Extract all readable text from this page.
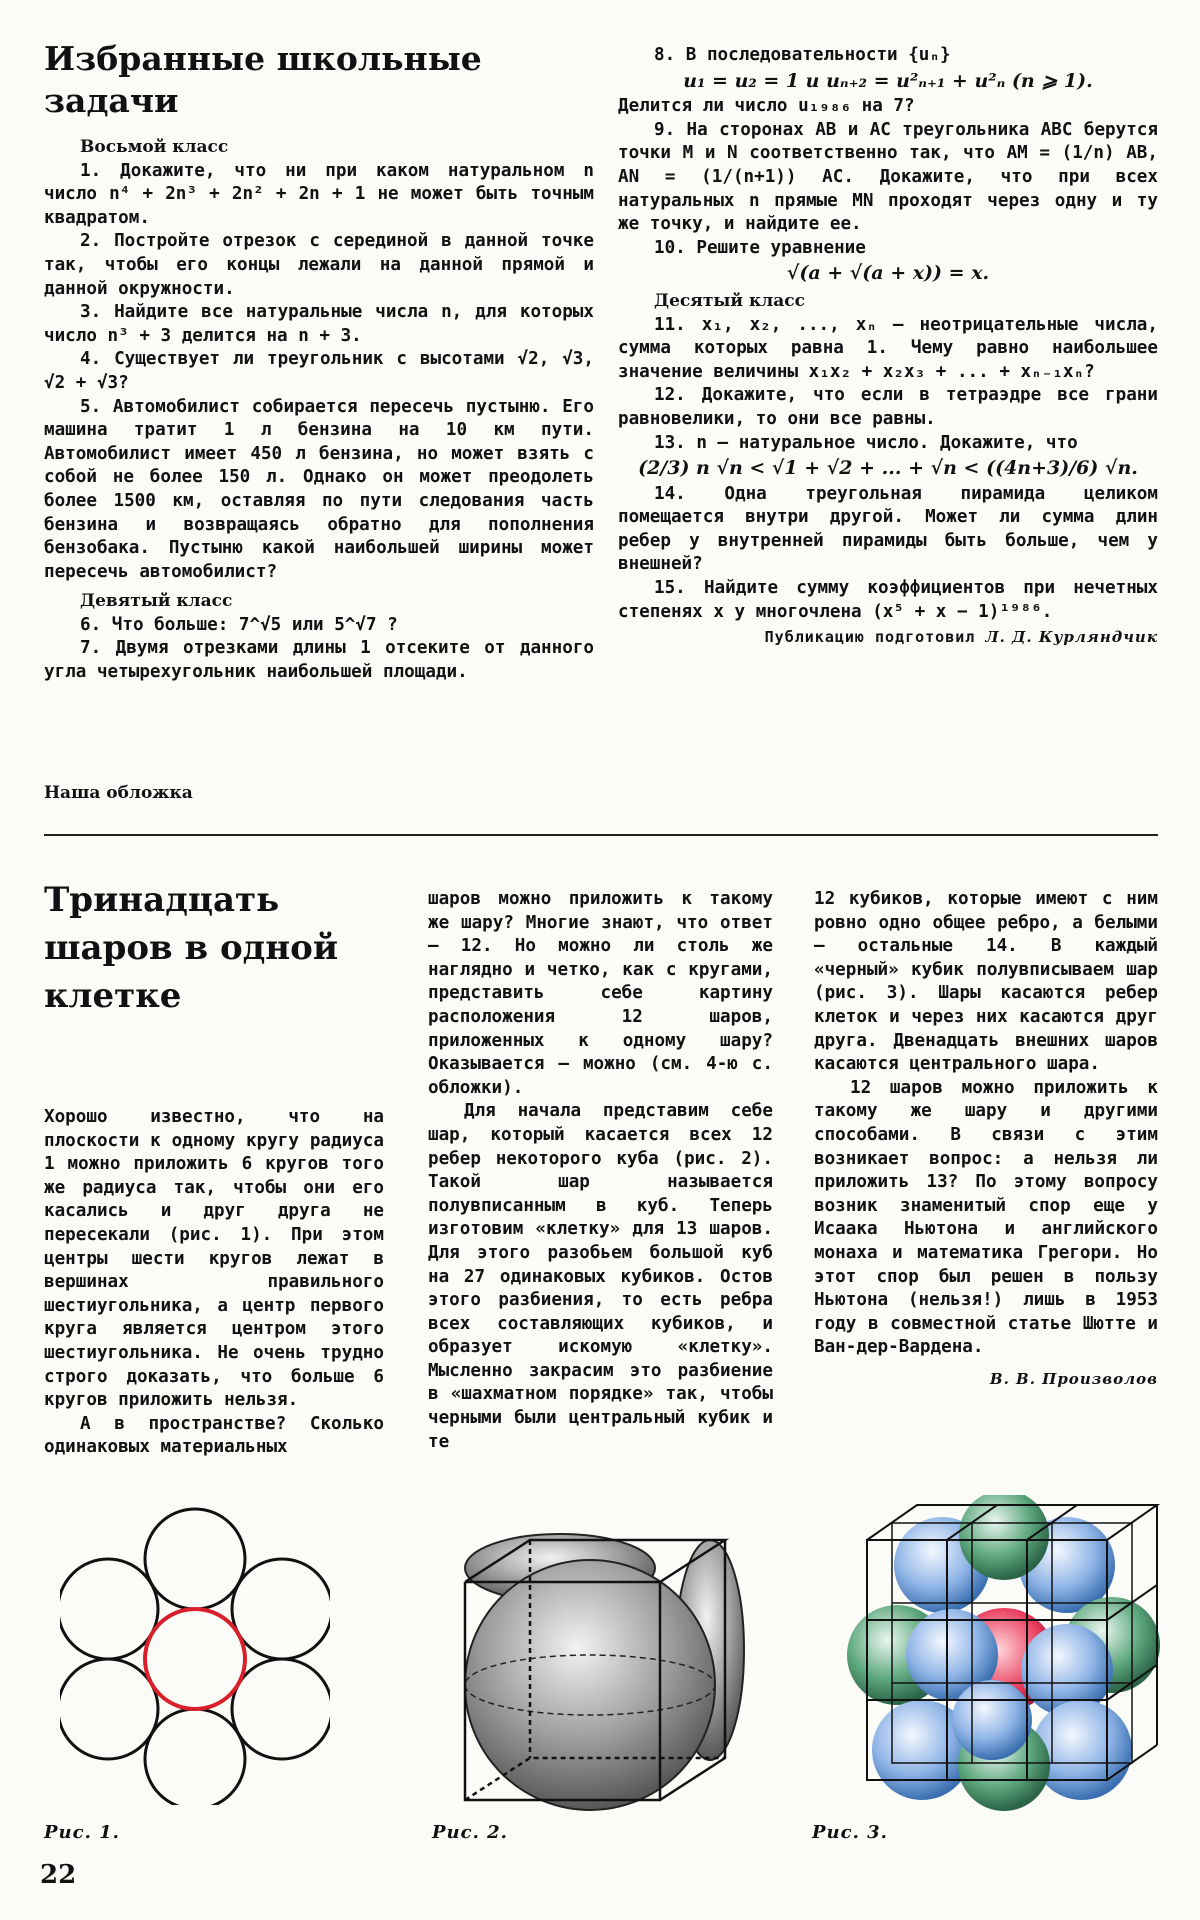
Избранные школьные задачи
Восьмой класс

1. Докажите, что ни при каком натуральном n число n⁴ + 2n³ + 2n² + 2n + 1 не может быть точным квадратом.

2. Постройте отрезок с серединой в данной точке так, чтобы его концы лежали на данной прямой и данной окружности.

3. Найдите все натуральные числа n, для которых число n³ + 3 делится на n + 3.

4. Существует ли треугольник с высотами √2, √3, √2 + √3?

5. Автомобилист собирается пересечь пустыню. Его машина тратит 1 л бензина на 10 км пути. Автомобилист имеет 450 л бензина, но может взять с собой не более 150 л. Однако он может преодолеть более 1500 км, оставляя по пути следования часть бензина и возвращаясь обратно для пополнения бензобака. Пустыню какой наибольшей ширины может пересечь автомобилист?

Девятый класс

6. Что больше: 7^√5 или 5^√7 ?

7. Двумя отрезками длины 1 отсеките от данного угла четырехугольник наибольшей площади.

8. В последовательности {uₙ}

u₁ = u₂ = 1 и uₙ₊₂ = u²ₙ₊₁ + u²ₙ (n ⩾ 1).

Делится ли число u₁₉₈₆ на 7?

9. На сторонах AB и AC треугольника ABC берутся точки M и N соответственно так, что AM = (1/n) AB, AN = (1/(n+1)) AC. Докажите, что при всех натуральных n прямые MN проходят через одну и ту же точку, и найдите ее.

10. Решите уравнение

√(a + √(a + x)) = x.
Десятый класс

11. x₁, x₂, ..., xₙ — неотрицательные числа, сумма которых равна 1. Чему равно наибольшее значение величины x₁x₂ + x₂x₃ + ... + xₙ₋₁xₙ?

12. Докажите, что если в тетраэдре все грани равновелики, то они все равны.

13. n — натуральное число. Докажите, что

(2/3) n √n < √1 + √2 + ... + √n < ((4n+3)/6) √n.

14. Одна треугольная пирамида целиком помещается внутри другой. Может ли сумма длин ребер у внутренней пирамиды быть больше, чем у внешней?

15. Найдите сумму коэффициентов при нечетных степенях x у многочлена (x⁵ + x − 1)¹⁹⁸⁶.

Публикацию подготовил Л. Д. Курляндчик
Наша обложка
Тринадцать шаров в одной клетке

Хорошо известно, что на плоскости к одному кругу радиуса 1 можно приложить 6 кругов того же радиуса так, чтобы они его касались и друг друга не пересекали (рис. 1). При этом центры шести кругов лежат в вершинах правильного шестиугольника, а центр первого круга является центром этого шестиугольника. Не очень трудно строго доказать, что больше 6 кругов приложить нельзя.

А в пространстве? Сколько одинаковых материальных

шаров можно приложить к такому же шару? Многие знают, что ответ — 12. Но можно ли столь же наглядно и четко, как с кругами, представить себе картину расположения 12 шаров, приложенных к одному шару? Оказывается — можно (см. 4-ю с. обложки).

Для начала представим себе шар, который касается всех 12 ребер некоторого куба (рис. 2). Такой шар называется полувписанным в куб. Теперь изготовим «клетку» для 13 шаров. Для этого разобьем большой куб на 27 одинаковых кубиков. Остов этого разбиения, то есть ребра всех составляющих кубиков, и образует искомую «клетку». Мысленно закрасим это разбиение в «шахматном порядке» так, чтобы черными были центральный кубик и те

12 кубиков, которые имеют с ним ровно одно общее ребро, а белыми — остальные 14. В каждый «черный» кубик полувписываем шар (рис. 3). Шары касаются ребер клеток и через них касаются друг друга. Двенадцать внешних шаров касаются центрального шара.

12 шаров можно приложить к такому же шару и другими способами. В связи с этим возникает вопрос: а нельзя ли приложить 13? По этому вопросу возник знаменитый спор еще у Исаака Ньютона и английского монаха и математика Грегори. Но этот спор был решен в пользу Ньютона (нельзя!) лишь в 1953 году в совместной статье Шютте и Ван-дер-Вардена.

В. В. Произволов
Рис. 1.	Рис. 2.	Рис. 3.
22
